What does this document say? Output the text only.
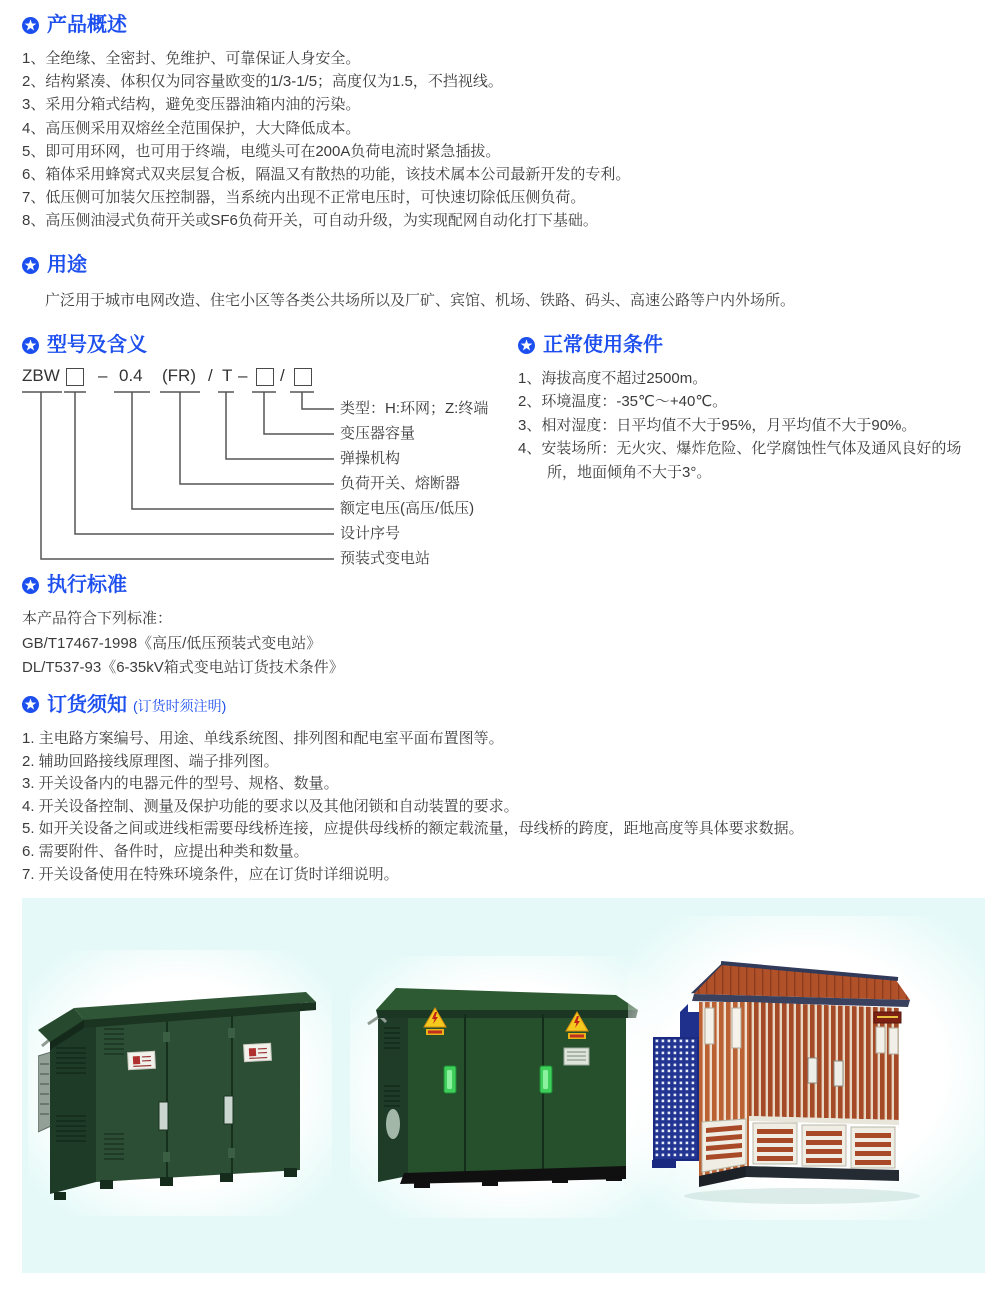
产品概述
1、全绝缘、全密封、免维护、可靠保证人身安全。
2、结构紧凑、体积仅为同容量欧变的1/3-1/5；高度仅为1.5，不挡视线。
3、采用分箱式结构，避免变压器油箱内油的污染。
4、高压侧采用双熔丝全范围保护，大大降低成本。
5、即可用环网，也可用于终端，电缆头可在200A负荷电流时紧急插拔。
6、箱体采用蜂窝式双夹层复合板，隔温又有散热的功能，该技术属本公司最新开发的专利。
7、低压侧可加装欠压控制器，当系统内出现不正常电压时，可快速切除低压侧负荷。
8、高压侧油浸式负荷开关或SF6负荷开关，可自动升级，为实现配网自动化打下基础。
用途
广泛用于城市电网改造、住宅小区等各类公共场所以及厂矿、宾馆、机场、铁路、码头、高速公路等户内外场所。
型号及含义
ZBW – 0.4 (FR) / T – /
类型：H:环网；Z:终端
变压器容量
弹操机构
负荷开关、熔断器
额定电压(高压/低压)
设计序号
预装式变电站
正常使用条件
1、海拔高度不超过2500m。
2、环境温度：-35℃～+40℃。
3、相对湿度：日平均值不大于95%，月平均值不大于90%。
4、安装场所：无火灾、爆炸危险、化学腐蚀性气体及通风良好的场所，地面倾角不大于3°。
执行标准
本产品符合下列标准：
GB/T17467-1998《高压/低压预装式变电站》
DL/T537-93《6-35kV箱式变电站订货技术条件》
订货须知 (订货时须注明)
1. 主电路方案编号、用途、单线系统图、排列图和配电室平面布置图等。
2. 辅助回路接线原理图、端子排列图。
3. 开关设备内的电器元件的型号、规格、数量。
4. 开关设备控制、测量及保护功能的要求以及其他闭锁和自动装置的要求。
5. 如开关设备之间或进线柜需要母线桥连接，应提供母线桥的额定载流量，母线桥的跨度，距地高度等具体要求数据。
6. 需要附件、备件时，应提出种类和数量。
7. 开关设备使用在特殊环境条件，应在订货时详细说明。
